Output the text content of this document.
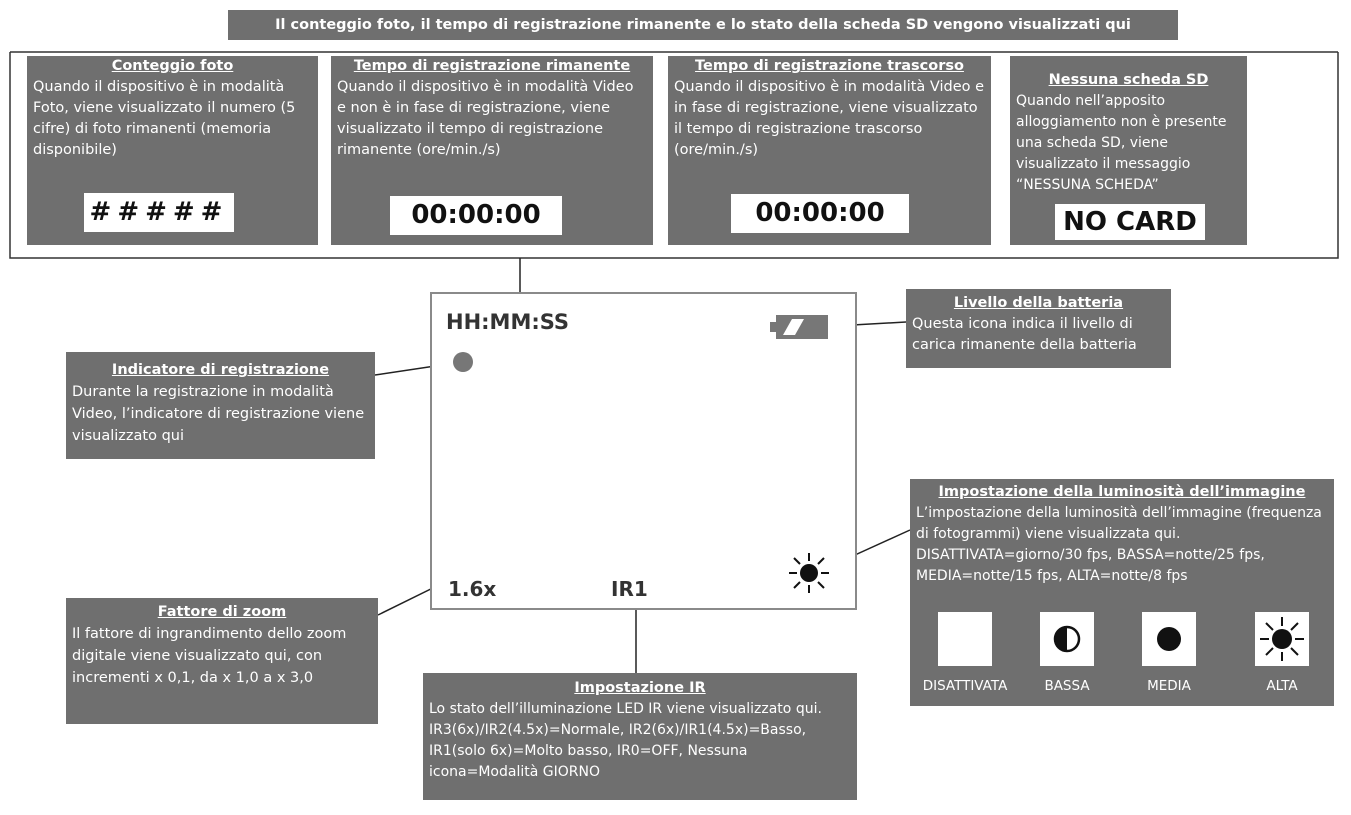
Il conteggio foto, il tempo di registrazione rimanente e lo stato della scheda SD vengono visualizzati qui
Conteggio foto
Quando il dispositivo è in modalità Foto, viene visualizzato il numero (5 cifre) di foto rimanenti (memoria disponibile)
#####
Tempo di registrazione rimanente
Quando il dispositivo è in modalità Video e non è in fase di registrazione, viene visualizzato il tempo di registrazione rimanente (ore/min./s)
00:00:00
Tempo di registrazione trascorso
Quando il dispositivo è in modalità Video e in fase di registrazione, viene visualizzato il tempo di registrazione trascorso (ore/min./s)
00:00:00
Nessuna scheda SD
Quando nell’apposito alloggiamento non è presente una scheda SD, viene visualizzato il messaggio “NESSUNA SCHEDA”
NO CARD
HH:MM:SS
1.6x	IR1
Livello della batteria
Questa icona indica il livello di carica rimanente della batteria
Indicatore di registrazione
Durante la registrazione in modalità Video, l’indicatore di registrazione viene visualizzato qui
Impostazione della luminosità dell’immagine
L’impostazione della luminosità dell’immagine (frequenza di fotogrammi) viene visualizzata qui. DISATTIVATA=giorno/30 fps, BASSA=notte/25 fps, MEDIA=notte/15 fps, ALTA=notte/8 fps
DISATTIVATA	BASSA	MEDIA	ALTA
Fattore di zoom
Il fattore di ingrandimento dello zoom digitale viene visualizzato qui, con incrementi x 0,1, da x 1,0 a x 3,0
Impostazione IR
Lo stato dell’illuminazione LED IR viene visualizzato qui. IR3(6x)/IR2(4.5x)=Normale, IR2(6x)/IR1(4.5x)=Basso, IR1(solo 6x)=Molto basso, IR0=OFF, Nessuna icona=Modalità GIORNO
